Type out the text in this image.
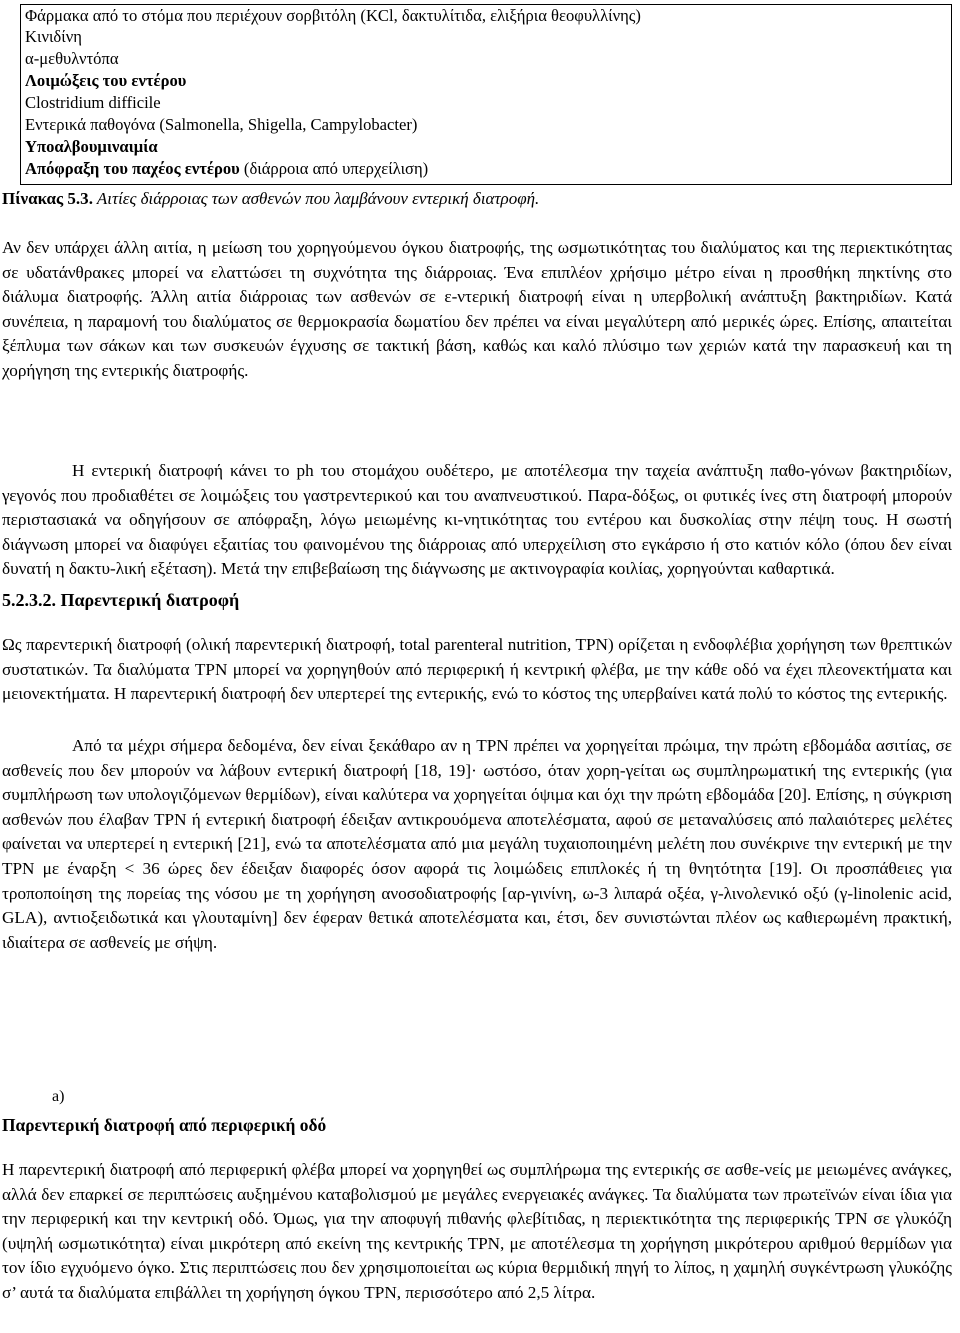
Φάρμακα από το στόμα που περιέχουν σορβιτόλη (KCl, δακτυλίτιδα, ελιξήρια θεοφυλλίνης)
Κινιδίνη
α-μεθυλντόπα
Λοιμώξεις του εντέρου
Clostridium difficile
Εντερικά παθογόνα (Salmonella, Shigella, Campylobacter)
Υποαλβουμιναιμία
Απόφραξη του παχέος εντέρου (διάρροια από υπερχείλιση)
Πίνακας 5.3. Αιτίες διάρροιας των ασθενών που λαμβάνουν εντερική διατροφή.

Αν δεν υπάρχει άλλη αιτία, η μείωση του χορηγούμενου όγκου διατροφής, της ωσμωτικότητας του διαλύματος και της περιεκτικότητας σε υδατάνθρακες μπορεί να ελαττώσει τη συχνότητα της διάρροιας. Ένα επιπλέον χρήσιμο μέτρο είναι η προσθήκη πηκτίνης στο διάλυμα διατροφής. Άλλη αιτία διάρροιας των ασθενών σε ε-ντερική διατροφή είναι η υπερβολική ανάπτυξη βακτηριδίων. Κατά συνέπεια, η παραμονή του διαλύματος σε θερμοκρασία δωματίου δεν πρέπει να είναι μεγαλύτερη από μερικές ώρες. Επίσης, απαιτείται ξέπλυμα των σάκων και των συσκευών έγχυσης σε τακτική βάση, καθώς και καλό πλύσιμο των χεριών κατά την παρασκευή και τη χορήγηση της εντερικής διατροφής.

Η εντερική διατροφή κάνει το ph του στομάχου ουδέτερο, με αποτέλεσμα την ταχεία ανάπτυξη παθο-γόνων βακτηριδίων, γεγονός που προδιαθέτει σε λοιμώξεις του γαστρεντερικού και του αναπνευστικού. Παρα-δόξως, οι φυτικές ίνες στη διατροφή μπορούν περιστασιακά να οδηγήσουν σε απόφραξη, λόγω μειωμένης κι-νητικότητας του εντέρου και δυσκολίας στην πέψη τους. Η σωστή διάγνωση μπορεί να διαφύγει εξαιτίας του φαινομένου της διάρροιας από υπερχείλιση στο εγκάρσιο ή στο κατιόν κόλο (όπου δεν είναι δυνατή η δακτυ-λική εξέταση). Μετά την επιβεβαίωση της διάγνωσης με ακτινογραφία κοιλίας, χορηγούνται καθαρτικά.

5.2.3.2. Παρεντερική διατροφή

Ως παρεντερική διατροφή (ολική παρεντερική διατροφή, total parenteral nutrition, TPN) ορίζεται η ενδοφλέβια χορήγηση των θρεπτικών συστατικών. Τα διαλύματα TPN μπορεί να χορηγηθούν από περιφερική ή κεντρική φλέβα, με την κάθε οδό να έχει πλεονεκτήματα και μειονεκτήματα. Η παρεντερική διατροφή δεν υπερτερεί της εντερικής, ενώ το κόστος της υπερβαίνει κατά πολύ το κόστος της εντερικής.

Από τα μέχρι σήμερα δεδομένα, δεν είναι ξεκάθαρο αν η TPN πρέπει να χορηγείται πρώιμα, την πρώτη εβδομάδα ασιτίας, σε ασθενείς που δεν μπορούν να λάβουν εντερική διατροφή [18, 19]· ωστόσο, όταν χορη-γείται ως συμπληρωματική της εντερικής (για συμπλήρωση των υπολογιζόμενων θερμίδων), είναι καλύτερα να χορηγείται όψιμα και όχι την πρώτη εβδομάδα [20]. Επίσης, η σύγκριση ασθενών που έλαβαν TPN ή εντερική διατροφή έδειξαν αντικρουόμενα αποτελέσματα, αφού σε μεταναλύσεις από παλαιότερες μελέτες φαίνεται να υπερτερεί η εντερική [21], ενώ τα αποτελέσματα από μια μεγάλη τυχαιοποιημένη μελέτη που συνέκρινε την εντερική με την TPN με έναρξη < 36 ώρες δεν έδειξαν διαφορές όσον αφορά τις λοιμώδεις επιπλοκές ή τη θνητότητα [19]. Οι προσπάθειες για τροποποίηση της πορείας της νόσου με τη χορήγηση ανοσοδιατροφής [αρ-γινίνη, ω-3 λιπαρά οξέα, γ-λινολενικό οξύ (γ-linolenic acid, GLA), αντιοξειδωτικά και γλουταμίνη] δεν έφεραν θετικά αποτελέσματα και, έτσι, δεν συνιστώνται πλέον ως καθιερωμένη πρακτική, ιδιαίτερα σε ασθενείς με σήψη.

a)
Παρεντερική διατροφή από περιφερική οδό

Η παρεντερική διατροφή από περιφερική φλέβα μπορεί να χορηγηθεί ως συμπλήρωμα της εντερικής σε ασθε-νείς με μειωμένες ανάγκες, αλλά δεν επαρκεί σε περιπτώσεις αυξημένου καταβολισμού με μεγάλες ενεργειακές ανάγκες. Τα διαλύματα των πρωτεϊνών είναι ίδια για την περιφερική και την κεντρική οδό. Όμως, για την αποφυγή πιθανής φλεβίτιδας, η περιεκτικότητα της περιφερικής TPN σε γλυκόζη (υψηλή ωσμωτικότητα) είναι μικρότερη από εκείνη της κεντρικής TPN, με αποτέλεσμα τη χορήγηση μικρότερου αριθμού θερμίδων για τον ίδιο εγχυόμενο όγκο. Στις περιπτώσεις που δεν χρησιμοποιείται ως κύρια θερμιδική πηγή το λίπος, η χαμηλή συγκέντρωση γλυκόζης σ’ αυτά τα διαλύματα επιβάλλει τη χορήγηση όγκου TPN, περισσότερο από 2,5 λίτρα.
